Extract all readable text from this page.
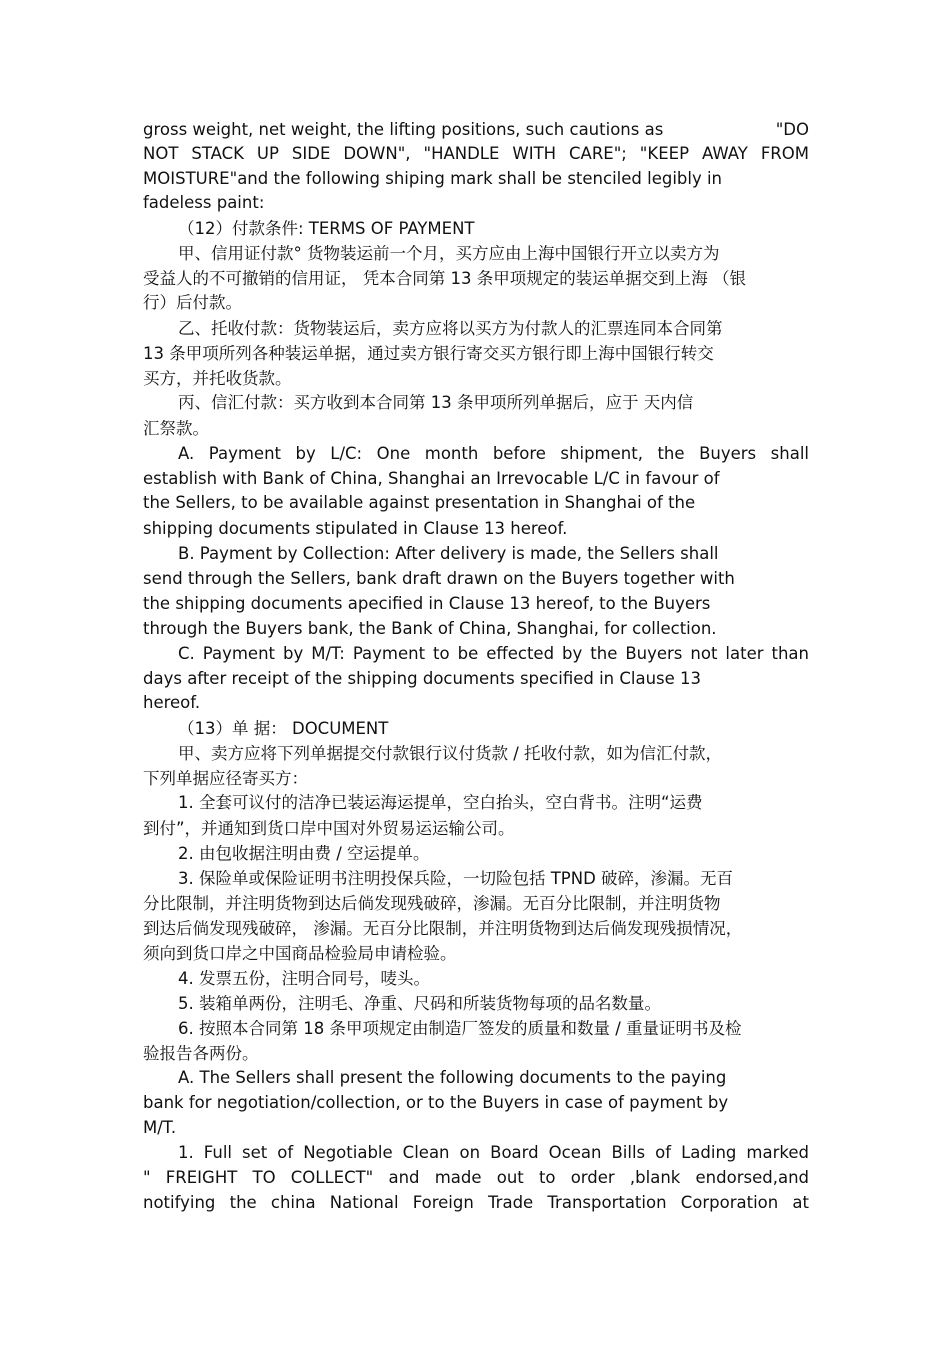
"DO
gross weight, net weight, the lifting positions, such cautions as
NOT STACK UP SIDE DOWN", "HANDLE WITH CARE"; "KEEP AWAY FROM
MOISTURE"and the following shiping mark shall be stenciled legibly in
fadeless paint:
（12）付款条件: TERMS OF PAYMENT
甲、信用证付款° 货物装运前一个月，买方应由上海中国银行开立以卖方为
受益人的不可撤销的信用证， 凭本合同第 13 条甲项规定的装运单据交到上海 （银
行）后付款。
乙、托收付款：货物装运后，卖方应将以买方为付款人的汇票连同本合同第
13 条甲项所列各种装运单据，通过卖方银行寄交买方银行即上海中国银行转交
买方，并托收货款。
丙、信汇付款：买方收到本合同第 13 条甲项所列单据后，应于 天内信
汇祭款。
A. Payment by L/C: One month before shipment, the Buyers shall
establish with Bank of China, Shanghai an Irrevocable L/C in favour of
the Sellers, to be available against presentation in Shanghai of the
shipping documents stipulated in Clause 13 hereof.
B. Payment by Collection: After delivery is made, the Sellers shall
send through the Sellers, bank draft drawn on the Buyers together with
the shipping documents apecified in Clause 13 hereof, to the Buyers
through the Buyers bank, the Bank of China, Shanghai, for collection.
C. Payment by M/T: Payment to be effected by the Buyers not later than
days after receipt of the shipping documents specified in Clause 13
hereof.
（13）单 据： DOCUMENT
甲、卖方应将下列单据提交付款银行议付货款 / 托收付款，如为信汇付款，
下列单据应径寄买方：
1. 全套可议付的洁净已装运海运提单，空白抬头，空白背书。注明“运费
到付”，并通知到货口岸中国对外贸易运运输公司。
2. 由包收据注明由费 / 空运提单。
3. 保险单或保险证明书注明投保兵险，一切险包括 TPND 破碎，渗漏。无百
分比限制，并注明货物到达后倘发现残破碎，渗漏。无百分比限制，并注明货物
到达后倘发现残破碎， 渗漏。无百分比限制，并注明货物到达后倘发现残损情况，
须向到货口岸之中国商品检验局申请检验。
4. 发票五份，注明合同号，唛头。
5. 装箱单两份，注明毛、净重、尺码和所装货物每项的品名数量。
6. 按照本合同第 18 条甲项规定由制造厂签发的质量和数量 / 重量证明书及检
验报告各两份。
A. The Sellers shall present the following documents to the paying
bank for negotiation/collection, or to the Buyers in case of payment by
M/T.
1. Full set of Negotiable Clean on Board Ocean Bills of Lading marked
" FREIGHT TO COLLECT" and made out to order ,blank endorsed,and
notifying the china National Foreign Trade Transportation Corporation at
